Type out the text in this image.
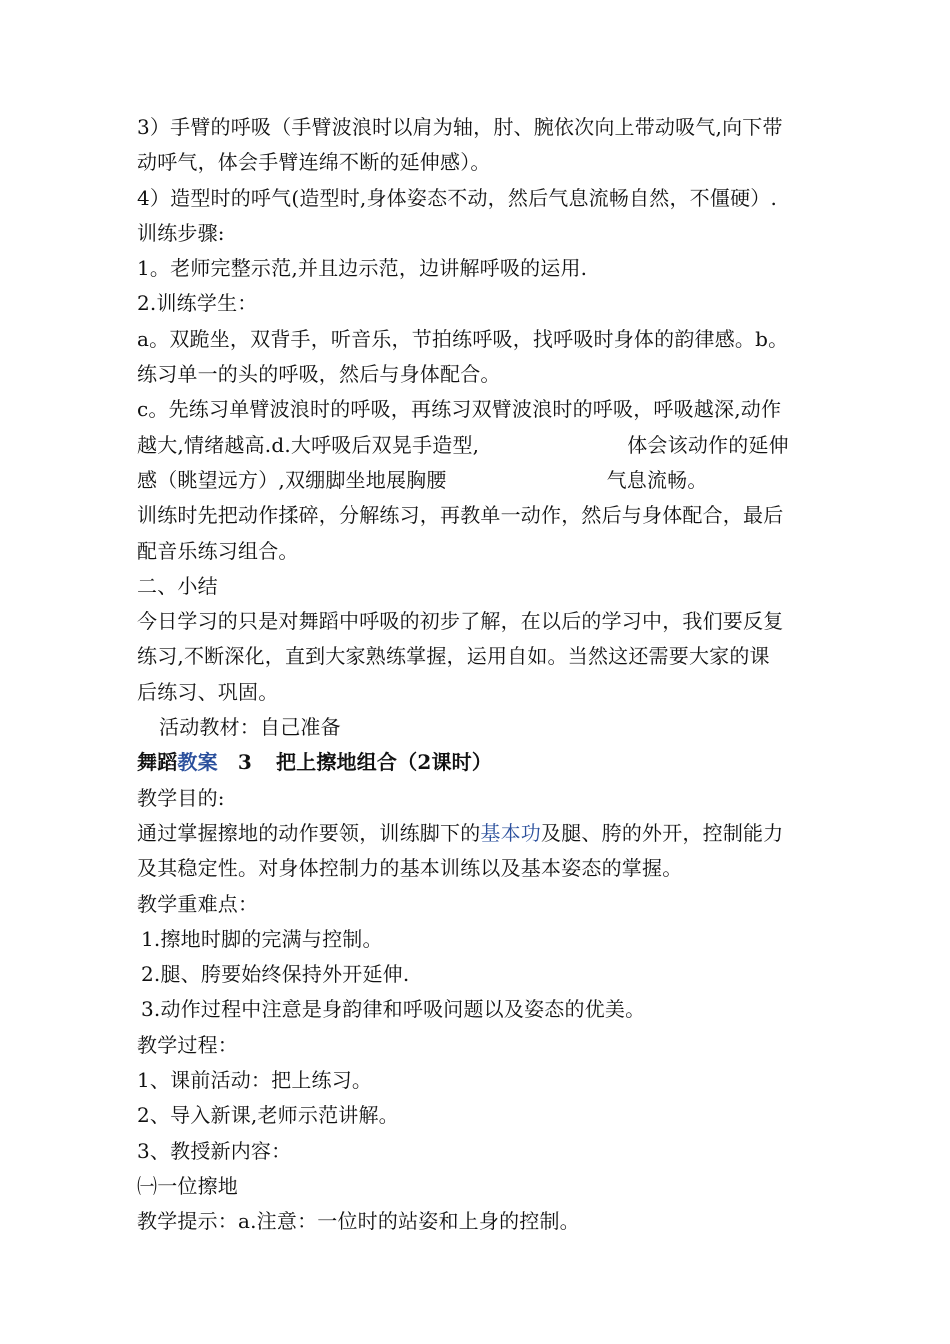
3）手臂的呼吸（手臂波浪时以肩为轴，肘、腕依次向上带动吸气,向下带
动呼气，体会手臂连绵不断的延伸感）。
4）造型时的呼气(造型时,身体姿态不动，然后气息流畅自然，不僵硬）.
训练步骤:
1。老师完整示范,并且边示范，边讲解呼吸的运用.
2.训练学生：
a。双跪坐，双背手，听音乐，节拍练呼吸，找呼吸时身体的韵律感。b。
练习单一的头的呼吸，然后与身体配合。
c。先练习单臂波浪时的呼吸，再练习双臂波浪时的呼吸，呼吸越深,动作
越大,情绪越高.d.大呼吸后双晃手造型,	体会该动作的延伸
感（眺望远方）,双绷脚坐地展胸腰	气息流畅。
训练时先把动作揉碎，分解练习，再教单一动作，然后与身体配合，最后
配音乐练习组合。
二、小结
今日学习的只是对舞蹈中呼吸的初步了解，在以后的学习中，我们要反复
练习,不断深化，直到大家熟练掌握，运用自如。当然这还需要大家的课
后练习、巩固。
活动教材：自己准备
舞蹈教案 3 把上擦地组合（2课时）
教学目的:
通过掌握擦地的动作要领，训练脚下的基本功及腿、胯的外开，控制能力
及其稳定性。对身体控制力的基本训练以及基本姿态的掌握。
教学重难点：
1.擦地时脚的完满与控制。
2.腿、胯要始终保持外开延伸.
3.动作过程中注意是身韵律和呼吸问题以及姿态的优美。
教学过程：
1、课前活动：把上练习。
2、导入新课,老师示范讲解。
3、教授新内容：
㈠一位擦地
教学提示：a.注意：一位时的站姿和上身的控制。
